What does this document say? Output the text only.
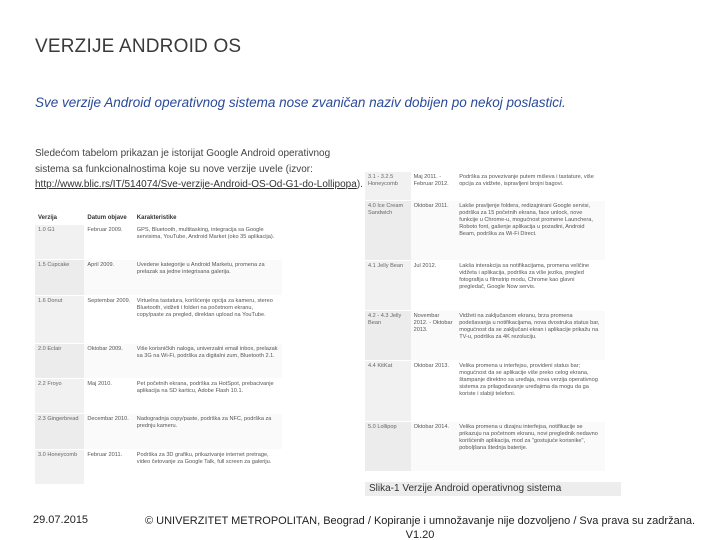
VERZIJE ANDROID OS
Sve verzije Android operativnog sistema nose zvaničan naziv dobijen po nekoj poslastici.
Sledećom tabelom prikazan je istorijat Google Android operativnog sistema sa funkcionalnostima koje su nove verzije uvele (izvor: http://www.blic.rs/IT/514074/Sve-verzije-Android-OS-Od-G1-do-Lollipopa).
Verzija	Datum objave	Karakteristike
1.0 G1	Februar 2009.	GPS, Bluetooth, multitasking, integracija sa Google servisima, YouTube, Android Market (oko 35 aplikacija).
1.5 Cupcake	April 2009.	Uvedene kategorije u Android Marketu, promena za prelazak sa jedne integrisana galerija.
1.6 Donut	Septembar 2009.	Virtuelna tastatura, korišćenje opcija za kameru, stereo Bluetooth, vidžeti i folderi na početnom ekranu, copy/paste za pregled, direktan upload na YouTube.
2.0 Eclair	Oktobar 2009.	Više korisničkih naloga, univerzalni email inbox, prelazak sa 3G na Wi-Fi, podrška za digitalni zum, Bluetooth 2.1.
2.2 Froyo	Maj 2010.	Pet početnih ekrana, podrška za HotSpot, prebacivanje aplikacija na SD karticu, Adobe Flash 10.1.
2.3 Gingerbread	Decembar 2010.	Nadogradnja copy/paste, podrška za NFC, podrška za prednju kameru.
3.0 Honeycomb	Februar 2011.	Podrška za 3D grafiku, prikazivanje internet pretrage, video četovanje za Google Talk, full screen za galeriju.
3.1 - 3.2.5 Honeycomb	Maj 2011. - Februar 2012.	Podrška za povezivanje putem miševa i tastature, više opcija za vidžete, ispravljeni brojni bagovi.
4.0 Ice Cream Sandwich	Oktobar 2011.	Lakše pravljenje foldera, redizajnirani Google servisi, podrška za 15 početnih ekrana, face unlock, nove funkcije u Chrome-u, mogućnost promene Launchera, Roboto font, gašenje aplikacija u pozadini, Android Beam, podrška za Wi-Fi Direct.
4.1 Jelly Bean	Jul 2012.	Lakša interakcija sa notifikacijama, promena veličine vidžeta i aplikacija, podrška za više jezika, pregled fotografija u filmstrip modu, Chrome kao glavni pregledač, Google Now servis.
4.2 - 4.3 Jelly Bean	Novembar 2012. - Oktobar 2013.	Vidžeti na zaključanom ekranu, brza promena podešavanja u notifikacijama, nova dvostruka status bar, mogućnost da se zaključani ekran i aplikacije prikažu na TV-u, podrška za 4K rezoluciju.
4.4 KitKat	Oktobar 2013.	Velika promena u interfejsu, provideni status bar; mogućnost da se aplikacije više preko celog ekrana, štampanje direktno sa uređaja, nova verzija operativnog sistema za prilagođavanje uređajima da mogu da ga koriste i slabiji telefoni.
5.0 Lollipop	Oktobar 2014.	Velika promena u dizajnu interfejsa, notifikacije se prikazuju na početnom ekranu, novi preglednik nedavno korišćenih aplikacija, mod za "gostujuće korisnike", poboljšana štednja baterije.
Slika-1 Verzije Android operativnog sistema
29.07.2015	© UNIVERZITET METROPOLITAN, Beograd / Kopiranje i umnožavanje nije dozvoljeno / Sva prava su zadržana. V1.20
